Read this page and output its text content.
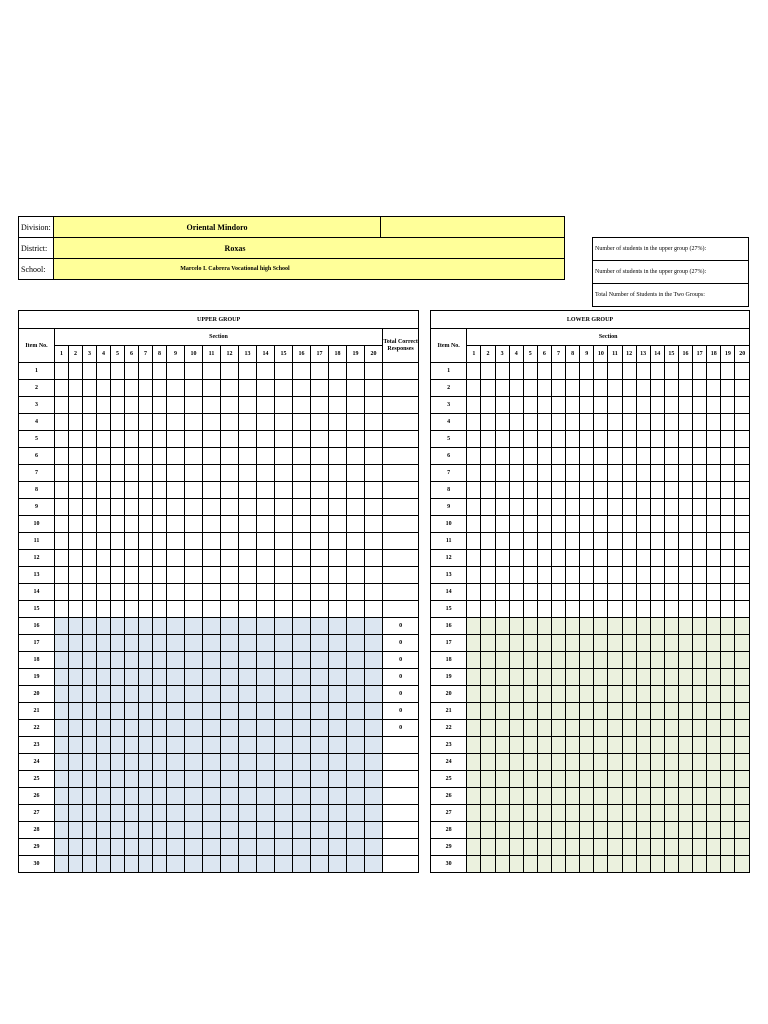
Division:	Oriental Mindoro	
District:	Roxas	
School:	Marcelo I. Cabrera Vocational high School	
Number of students in the upper group (27%):
Number of students in the upper group (27%):
Total Number of Students in the Two Groups:
UPPER GROUP																					
Item No.	Section																				Total Correct Responses
	1	2	3	4	5	6	7	8	9	10	11	12	13	14	15	16	17	18	19	20	
1																					
2																					
3																					
4																					
5																					
6																					
7																					
8																					
9																					
10																					
11																					
12																					
13																					
14																					
15																					
16																					0
17																					0
18																					0
19																					0
20																					0
21																					0
22																					0
23																					
24																					
25																					
26																					
27																					
28																					
29																					
30																					
LOWER GROUP																				
Item No.	Section																			
	1	2	3	4	5	6	7	8	9	10	11	12	13	14	15	16	17	18	19	20
1																				
2																				
3																				
4																				
5																				
6																				
7																				
8																				
9																				
10																				
11																				
12																				
13																				
14																				
15																				
16																				
17																				
18																				
19																				
20																				
21																				
22																				
23																				
24																				
25																				
26																				
27																				
28																				
29																				
30																				
